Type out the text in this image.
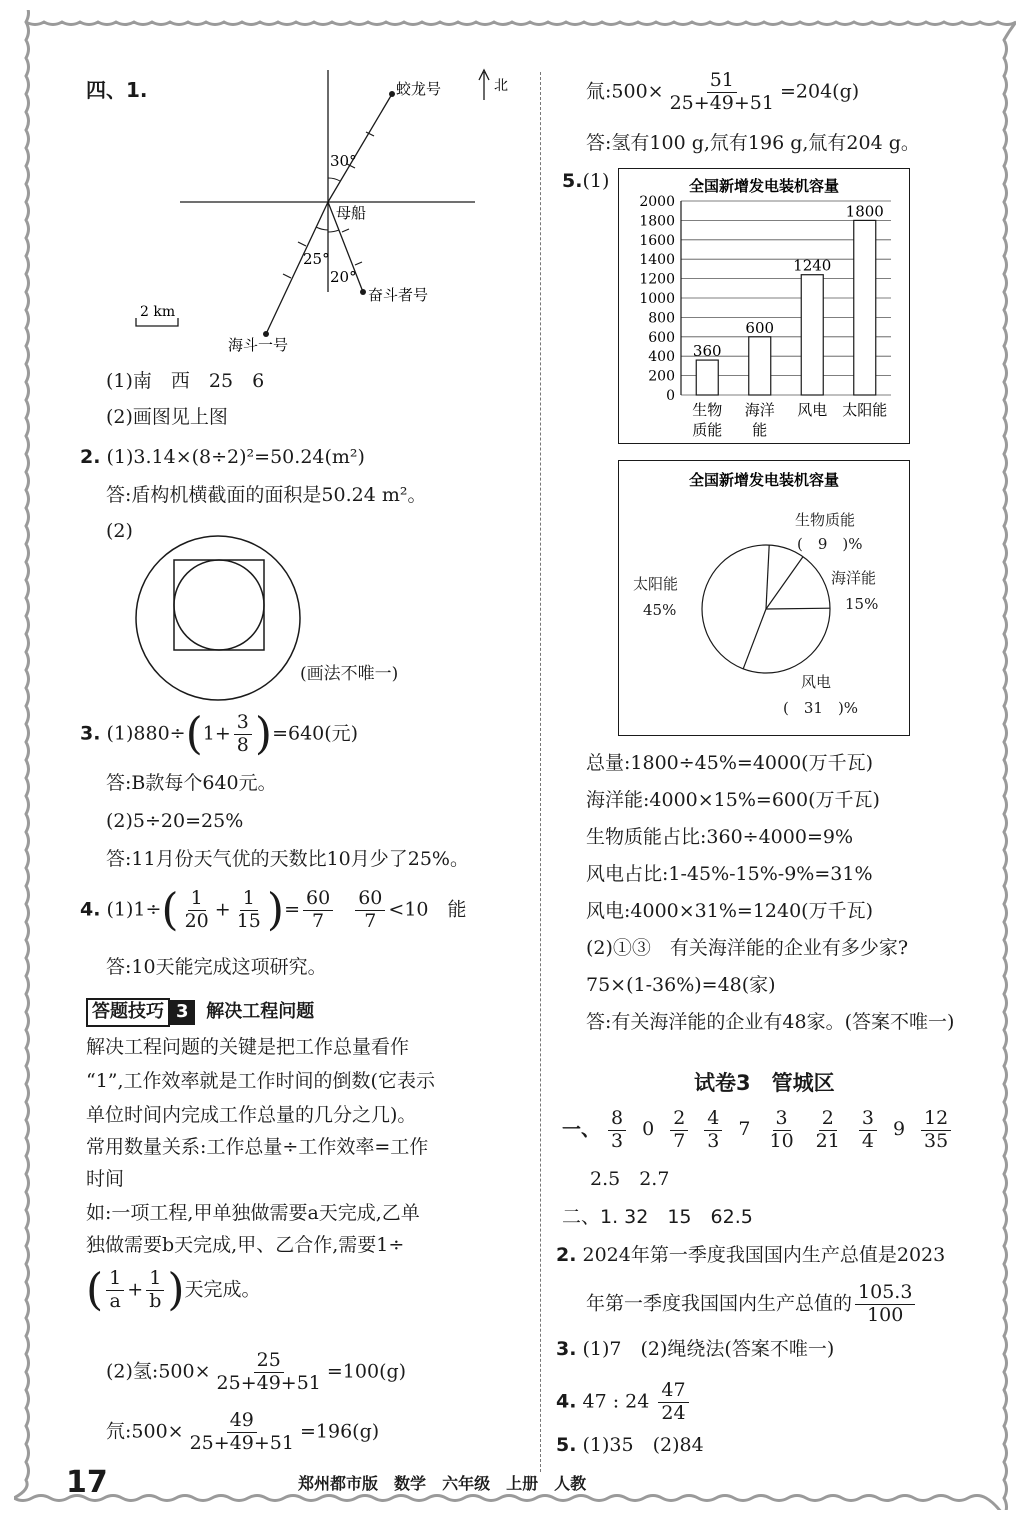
四、1.	北
蛟龙号
母船
奋斗者号
海斗一号
2 km
30°
25°
20°
(1)南　西　25　6
(2)画图见上图
2. (1)3.14×(8÷2)²=50.24(m²)
答:盾构机横截面的面积是50.24 m²。
(2)
(画法不唯一)
3. $(1)880\div(1+ \frac{3}{8} )=640$(元)
答:B款每个640元。
(2)5÷20=25%
答:11月份天气优的天数比10月少了25%。
4. $(1)1\div( \frac{1}{20} + \frac{1}{15}$ )= $\frac{60}{7}$
$\frac{60}{7} <10$　能
答:10天能完成这项研究。
答题技巧 3 解决工程问题
解决工程问题的关键是把工作总量看作
“1”,工作效率就是工作时间的倒数(它表示
单位时间内完成工作总量的几分之几)。
常用数量关系:工作总量÷工作效率=工作
时间
如:一项工程,甲单独做需要a天完成,乙单
独做需要b天完成,甲、乙合作,需要1÷
( $\frac{1}{a} + \frac{1}{b}$ )天完成。
(2)氢:500× $\frac{25}{25+49+51} =100(g)$
氘:500× $\frac{49}{25+49+51} =196(g)$
氚:500× $\frac{51}{25+49+51} =204(g)$
答:氢有100 g,氘有196 g,氚有204 g。
5.(1)	全国新增发电装机容量
0
200
400
600
800
1000
1200
1400
1600
1800
2000
360
生物
质能
600
海洋
能
1240
风电
1800
太阳能
全国新增发电装机容量
生物质能
(　9　)%
海洋能
15%
太阳能
45%
风电
(　31　)%
总量:1800÷45%=4000(万千瓦)
海洋能:4000×15%=600(万千瓦)
生物质能占比:360÷4000=9%
风电占比:1-45%-15%-9%=31%
风电:4000×31%=1240(万千瓦)
(2)①③　有关海洋能的企业有多少家?
75×(1-36%)=48(家)
答:有关海洋能的企业有48家。(答案不唯一)
试卷3　管城区
一、 $\frac{8}{3} 0 \frac{2}{7} \frac{4}{3} 7 \frac{3}{10} \frac{2}{21} \frac{3}{4} 9 \frac{12}{35}$
2.5　2.7
二、1. 32　15　62.5
2. 2024年第一季度我国国内生产总值是2023
年第一季度我国国内生产总值的 $\frac{105.3}{100}$
3. (1)7　(2)绳绕法(答案不唯一)
4. 47 : $24 \frac{47}{24}$
5. (1)35　(2)84
17	郑州都市版　 数学　 六年级　 上册　 人教
